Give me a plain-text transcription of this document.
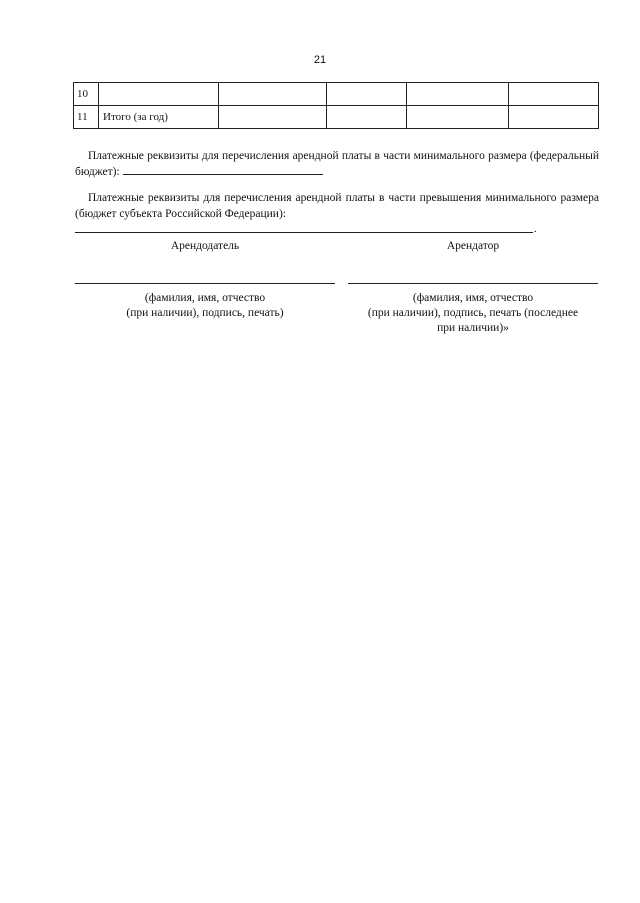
21
10					
11	Итого (за год)				
Платежные реквизиты для перечисления арендной платы в части минимального размера (федеральный бюджет):
Платежные реквизиты для перечисления арендной платы в части превышения минимального размера (бюджет субъекта Российской Федерации):
.
Арендодатель	Арендатор
(фамилия, имя, отчество
(при наличии), подпись, печать)
(фамилия, имя, отчество
(при наличии), подпись, печать (последнее
при наличии)»
